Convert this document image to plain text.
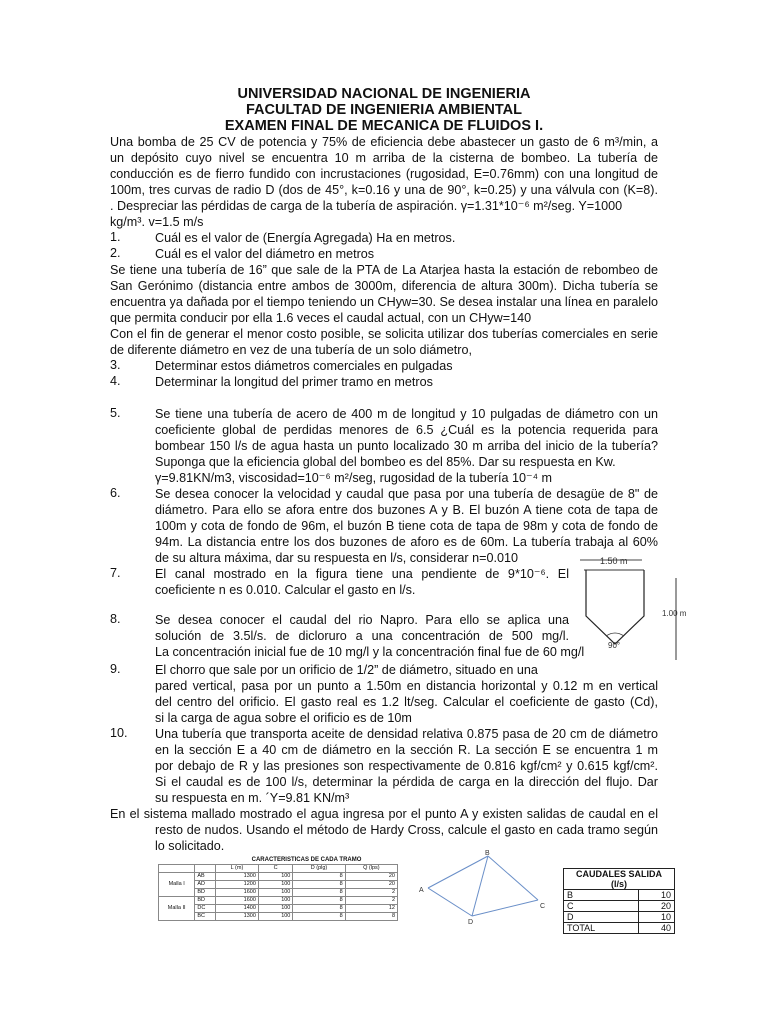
UNIVERSIDAD NACIONAL DE INGENIERIA
FACULTAD DE INGENIERIA AMBIENTAL
EXAMEN FINAL DE MECANICA DE FLUIDOS I.
Una bomba de 25 CV de potencia y 75% de eficiencia debe abastecer un gasto de 6 m³/min, a
un depósito cuyo nivel se encuentra 10 m arriba de la cisterna de bombeo. La tubería de
conducción es de fierro fundido con incrustaciones (rugosidad, E=0.76mm) con una longitud de
100m, tres curvas de radio D (dos de 45°, k=0.16 y una de 90°, k=0.25) y una válvula con (K=8).
. Despreciar las pérdidas de carga de la tubería de aspiración. γ=1.31*10⁻⁶ m²/seg. Y=1000
kg/m³. v=1.5 m/s
1.	Cuál es el valor de (Energía Agregada) Ha en metros.
2.	Cuál es el valor del diámetro en metros
Se tiene una tubería de 16” que sale de la PTA de La Atarjea hasta la estación de rebombeo de
San Gerónimo (distancia entre ambos de 3000m, diferencia de altura 300m). Dicha tubería se
encuentra ya dañada por el tiempo teniendo un CHyw=30. Se desea instalar una línea en paralelo
que permita conducir por ella 1.6 veces el caudal actual, con un CHyw=140
Con el fin de generar el menor costo posible, se solicita utilizar dos tuberías comerciales en serie
de diferente diámetro en vez de una tubería de un solo diámetro,
3.	Determinar estos diámetros comerciales en pulgadas
4.	Determinar la longitud del primer tramo en metros
5.	Se tiene una tubería de acero de 400 m de longitud y 10 pulgadas de diámetro con un
coeficiente global de perdidas menores de 6.5 ¿Cuál es la potencia requerida para
bombear 150 l/s de agua hasta un punto localizado 30 m arriba del inicio de la tubería?
Suponga que la eficiencia global del bombeo es del 85%. Dar su respuesta en Kw.
γ=9.81KN/m3, viscosidad=10⁻⁶ m²/seg, rugosidad de la tubería 10⁻⁴ m
6.	Se desea conocer la velocidad y caudal que pasa por una tubería de desagüe de 8" de
diámetro. Para ello se afora entre dos buzones A y B. El buzón A tiene cota de tapa de
100m y cota de fondo de 96m, el buzón B tiene cota de tapa de 98m y cota de fondo de
94m. La distancia entre los dos buzones de aforo es de 60m. La tubería trabaja al 60%
de su altura máxima, dar su respuesta en l/s, considerar n=0.010
7.	El canal mostrado en la figura tiene una pendiente de 9*10⁻⁶. El
coeficiente n es 0.010. Calcular el gasto en l/s.
8.	Se desea conocer el caudal del rio Napro. Para ello se aplica una
solución de 3.5l/s. de dicloruro a una concentración de 500 mg/l.
La concentración inicial fue de 10 mg/l y la concentración final fue de 60 mg/l
1.50 m
90°
1.00 m
9.	El chorro que sale por un orificio de 1/2” de diámetro, situado en una
pared vertical, pasa por un punto a 1.50m en distancia horizontal y 0.12 m en vertical
del centro del orificio. El gasto real es 1.2 lt/seg. Calcular el coeficiente de gasto (Cd),
si la carga de agua sobre el orificio es de 10m
10. Una tubería que transporta aceite de densidad relativa 0.875 pasa de 20 cm de diámetro
en la sección E a 40 cm de diámetro en la sección R. La sección E se encuentra 1 m
por debajo de R y las presiones son respectivamente de 0.816 kgf/cm² y 0.615 kgf/cm².
Si el caudal es de 100 l/s, determinar la pérdida de carga en la dirección del flujo. Dar
su respuesta en m. ´Y=9.81 KN/m³
En el sistema mallado mostrado el agua ingresa por el punto A y existen salidas de caudal en el
resto de nudos. Usando el método de Hardy Cross, calcule el gasto en cada tramo según
lo solicitado.
		CARACTERISTICAS DE CADA TRAMO			
		L (m)	C	D (plg)	Q (lps)
Malla I	AB	1300	100	8	20
	AD	1200	100	8	20
	BD	1600	100	8	2
Malla II	BD	1600	100	8	2
	DC	1400	100	8	12
	BC	1300	100	8	8
A
B
C
D
CAUDALES SALIDA (l/s)	
B	10
C	20
D	10
TOTAL	40
